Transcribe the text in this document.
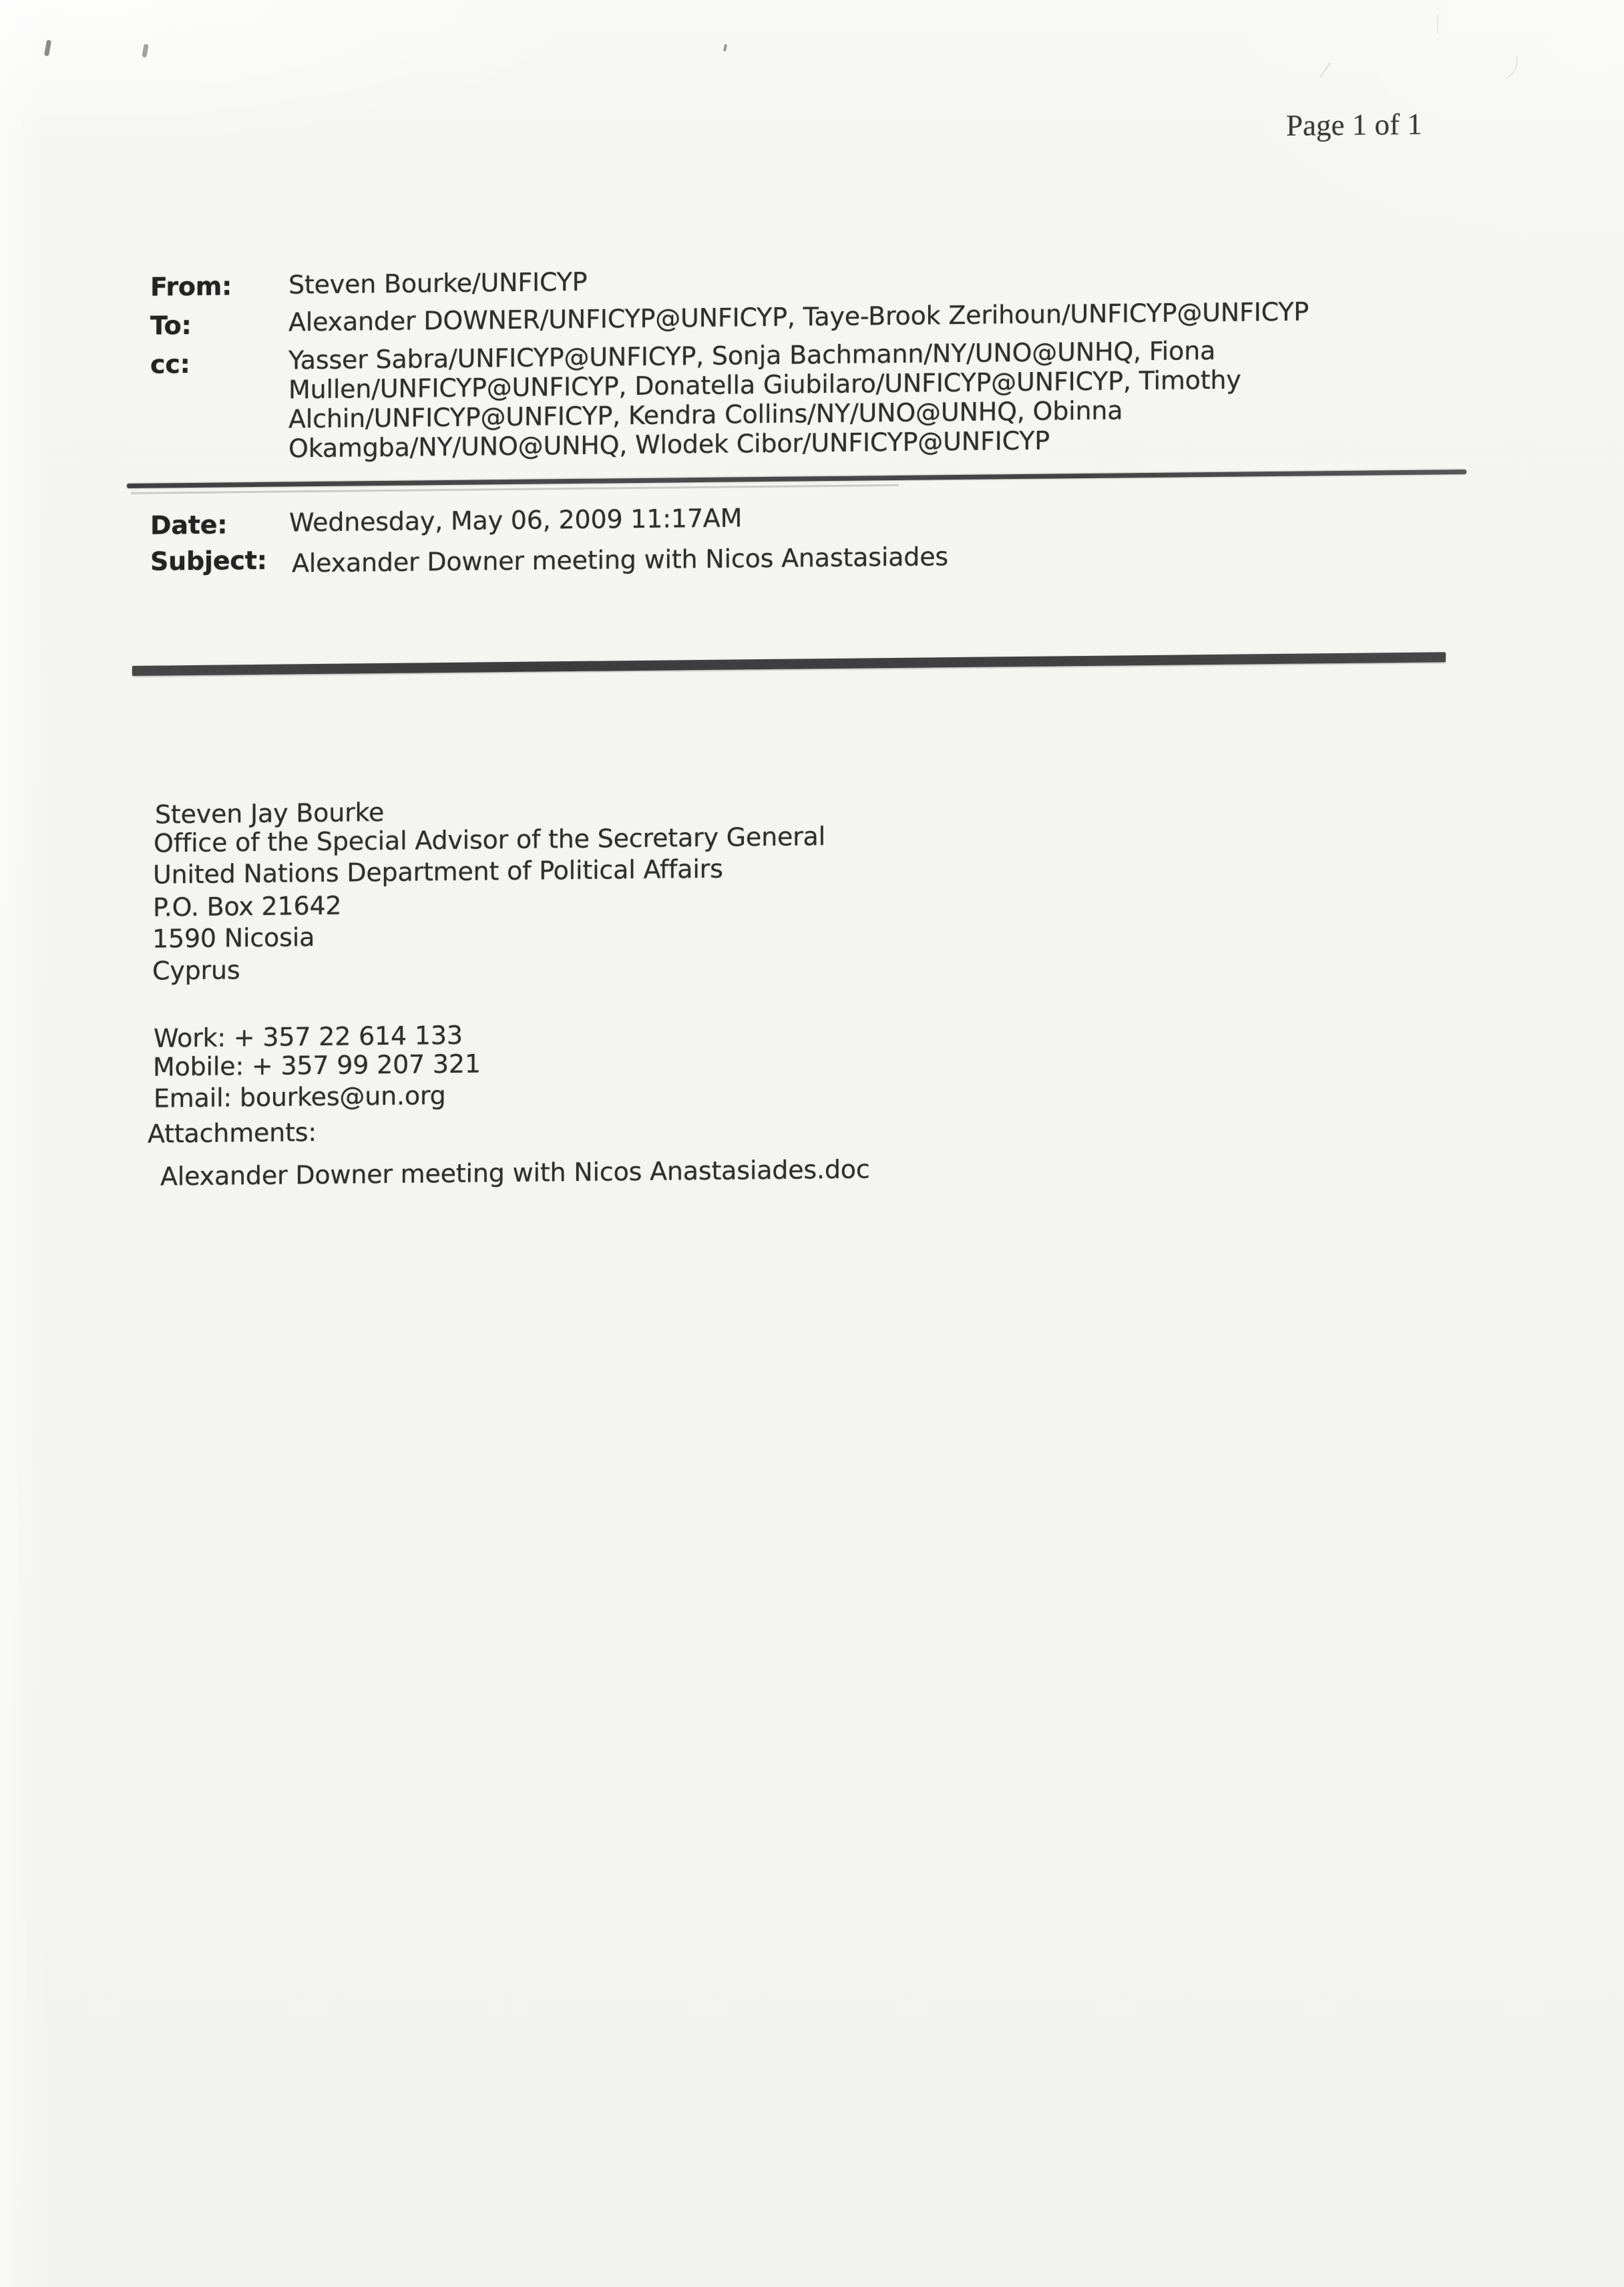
Page 1 of 1
From: Steven Bourke/UNFICYP
To:	Alexander DOWNER/UNFICYP@UNFICYP, Taye-Brook Zerihoun/UNFICYP@UNFICYP
cc:	Yasser Sabra/UNFICYP@UNFICYP, Sonja Bachmann/NY/UNO@UNHQ, Fiona
Mullen/UNFICYP@UNFICYP, Donatella Giubilaro/UNFICYP@UNFICYP, Timothy
Alchin/UNFICYP@UNFICYP, Kendra Collins/NY/UNO@UNHQ, Obinna
Okamgba/NY/UNO@UNHQ, Wlodek Cibor/UNFICYP@UNFICYP
Date: Wednesday, May 06, 2009 11:17AM
Subject: Alexander Downer meeting with Nicos Anastasiades
Steven Jay Bourke
Office of the Special Advisor of the Secretary General
United Nations Department of Political Affairs
P.O. Box 21642
1590 Nicosia
Cyprus
Work: + 357 22 614 133
Mobile: + 357 99 207 321
Email: bourkes@un.org
Attachments:
Alexander Downer meeting with Nicos Anastasiades.doc
